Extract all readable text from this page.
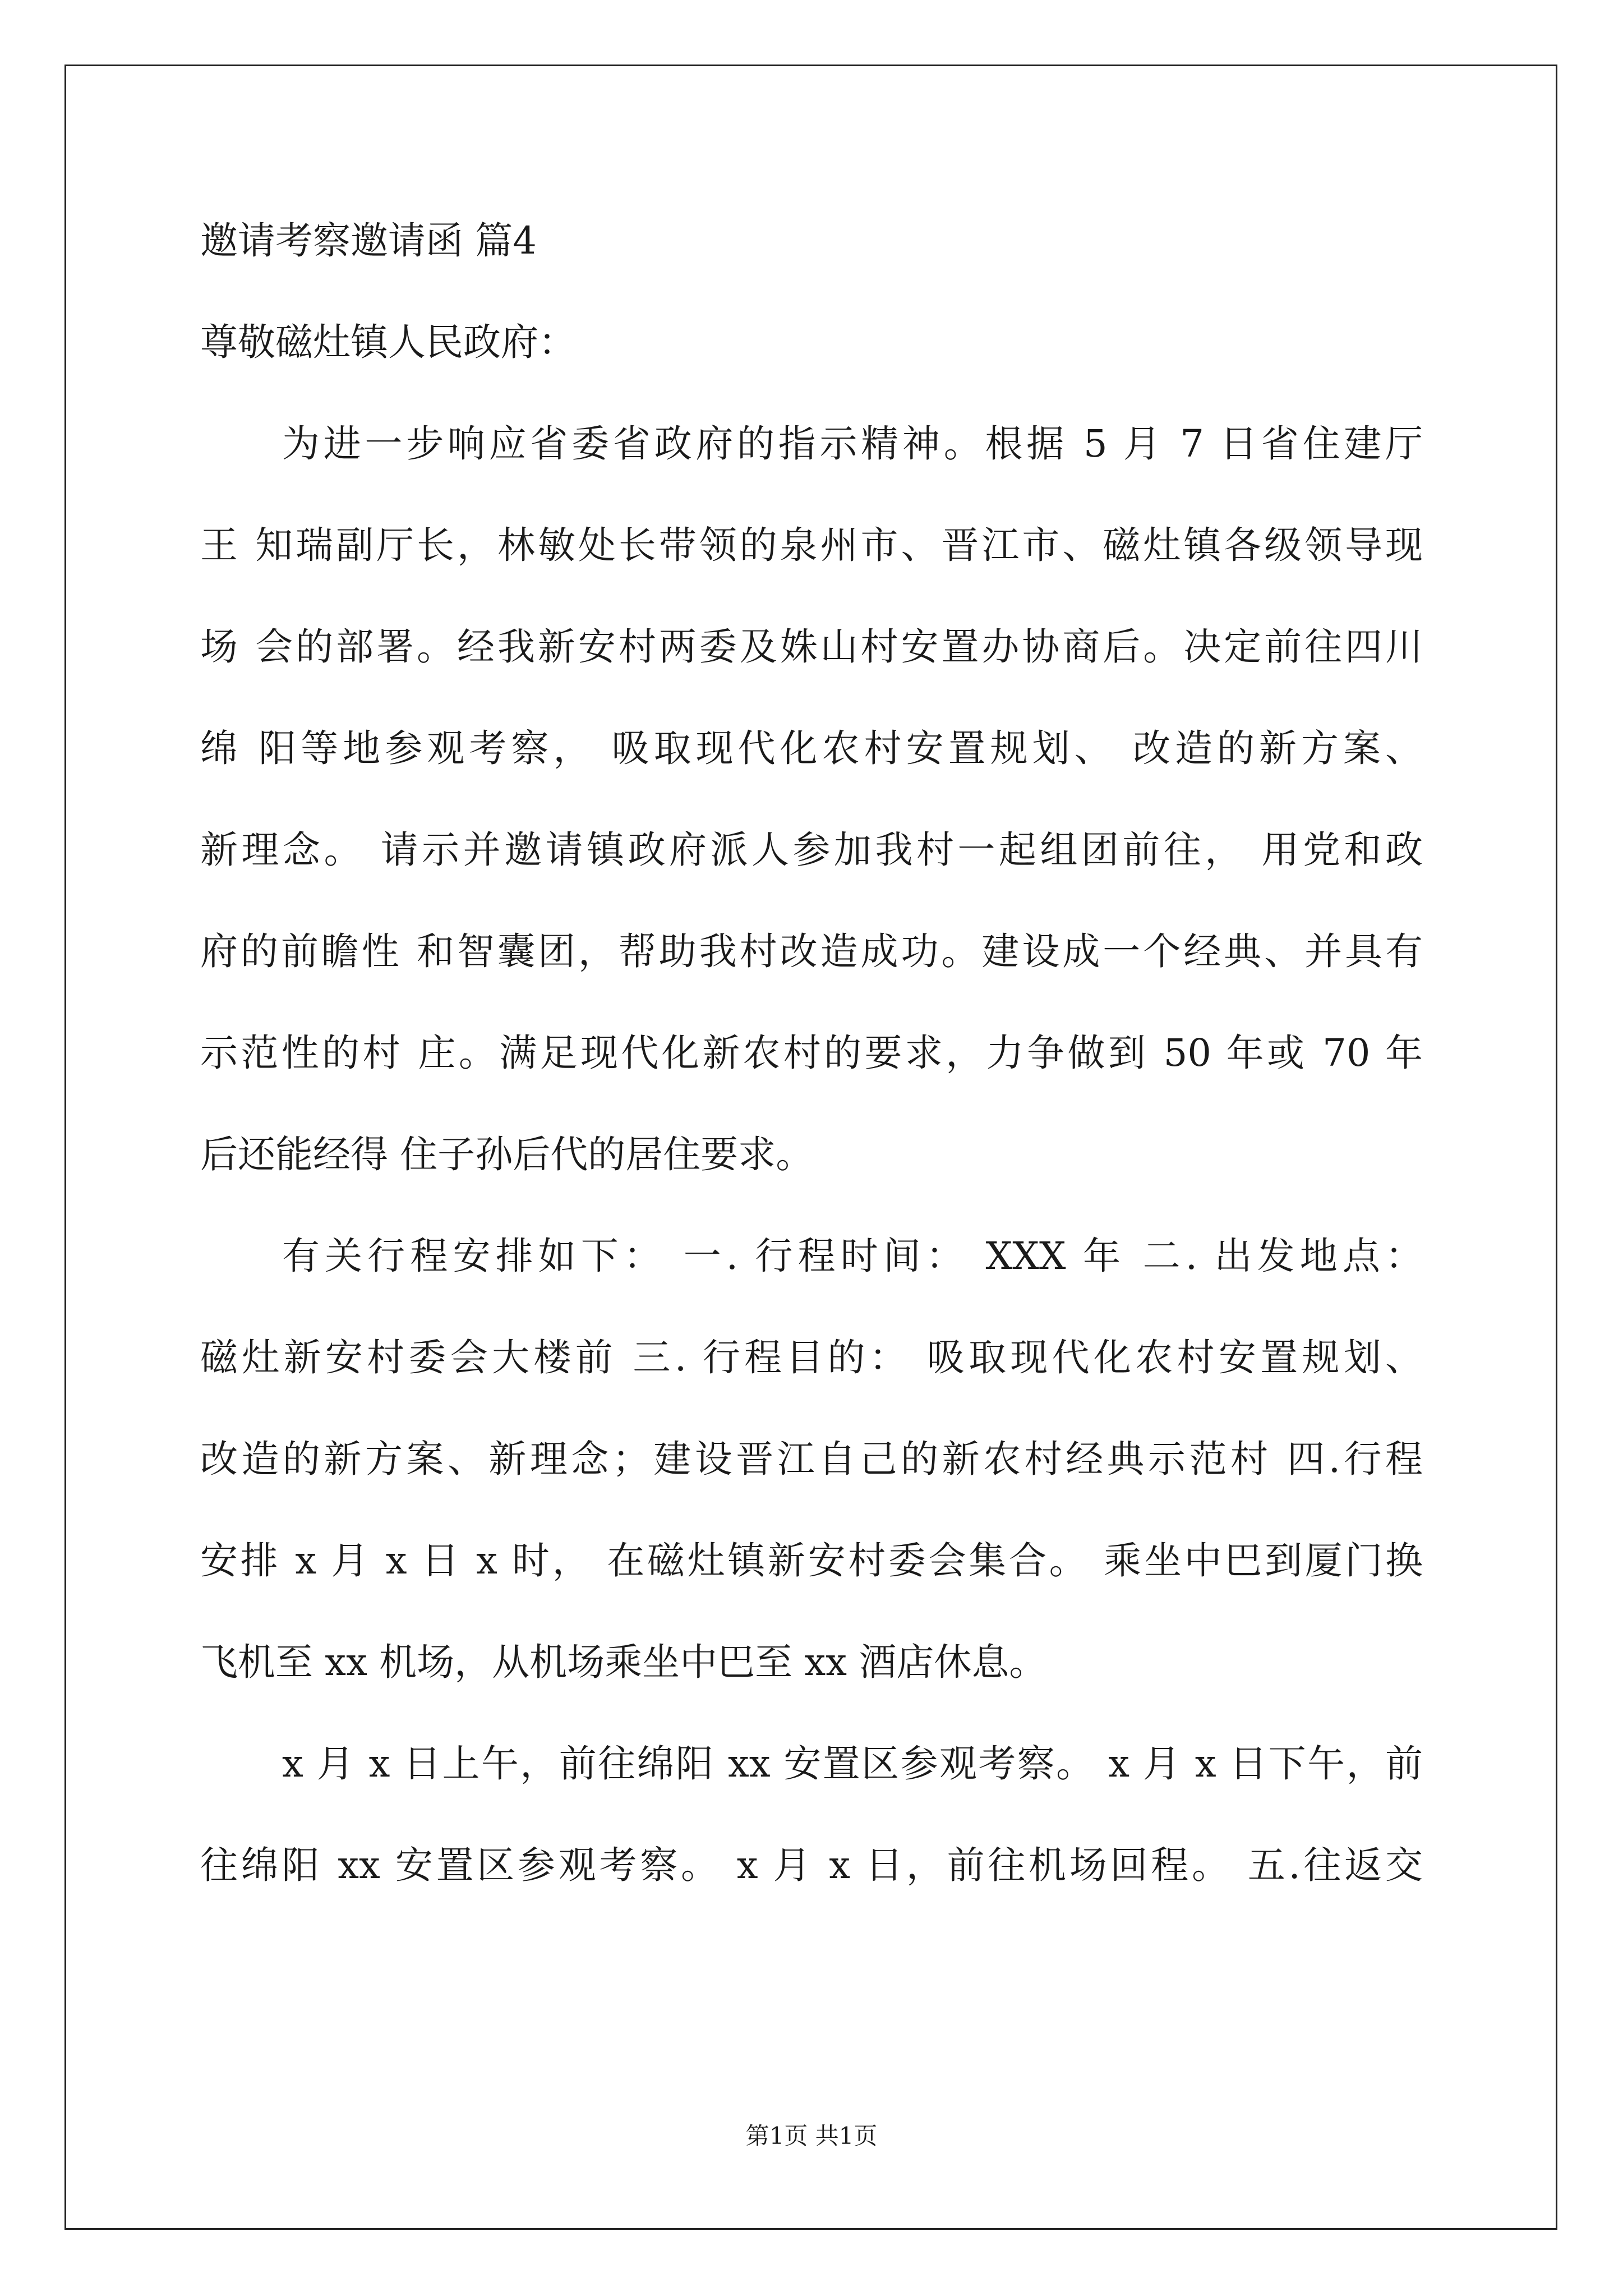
邀请考察邀请函 篇4
尊敬磁灶镇人民政府：
为进一步响应省委省政府的指示精神。根据 5 月 7 日省住建厅
王 知瑞副厅长，林敏处长带领的泉州市、晋江市、磁灶镇各级领导现
场 会的部署。经我新安村两委及姝山村安置办协商后。决定前往四川
绵 阳等地参观考察， 吸取现代化农村安置规划、 改造的新方案、
新理念。 请示并邀请镇政府派人参加我村一起组团前往， 用党和政
府的前瞻性 和智囊团，帮助我村改造成功。建设成一个经典、并具有
示范性的村 庄。满足现代化新农村的要求，力争做到 50 年或 70 年
后还能经得 住子孙后代的居住要求。
有关行程安排如下： 一. 行程时间： XXX 年 二. 出发地点：
磁灶新安村委会大楼前 三. 行程目的： 吸取现代化农村安置规划、
改造的新方案、新理念；建设晋江自己的新农村经典示范村 四.行程
安排 x 月 x 日 x 时， 在磁灶镇新安村委会集合。 乘坐中巴到厦门换
飞机至 xx 机场，从机场乘坐中巴至 xx 酒店休息。
x 月 x 日上午，前往绵阳 xx 安置区参观考察。 x 月 x 日下午，前
往绵阳 xx 安置区参观考察。 x 月 x 日，前往机场回程。 五.往返交
第1页 共1页
